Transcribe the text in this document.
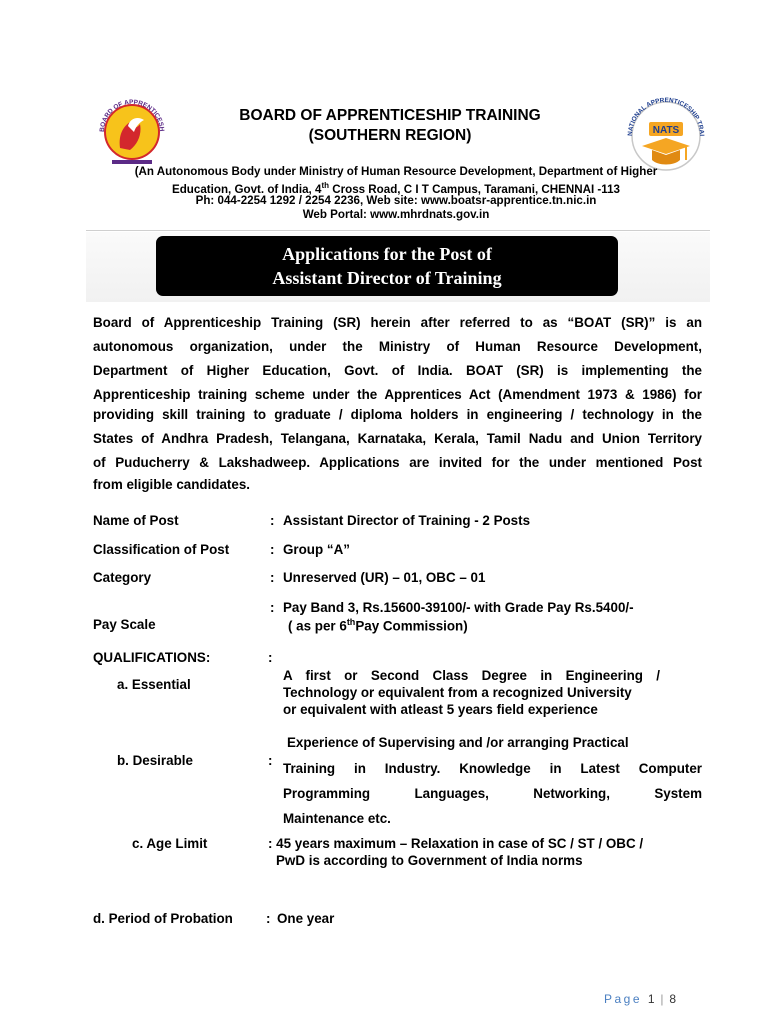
BOARD OF APPRENTICESH
NATIONAL APPRENTICESHIP TRAI
NATS
BOARD OF APPRENTICESHIP TRAINING
(SOUTHERN REGION)
(An Autonomous Body under Ministry of Human Resource Development, Department of Higher
Education, Govt. of India, 4th Cross Road, C I T Campus, Taramani, CHENNAI -113
Ph: 044-2254 1292 / 2254 2236, Web site: www.boatsr-apprentice.tn.nic.in
Web Portal: www.mhrdnats.gov.in
Applications for the Post of
Assistant Director of Training
Board of Apprenticeship Training (SR) herein after referred to as “BOAT (SR)” is an
autonomous organization, under the Ministry of Human Resource Development,
Department of Higher Education, Govt. of India. BOAT (SR) is implementing the
Apprenticeship training scheme under the Apprentices Act (Amendment 1973 & 1986) for
providing skill training to graduate / diploma holders in engineering / technology in the
States of Andhra Pradesh, Telangana, Karnataka, Kerala, Tamil Nadu and Union Territory
of Puducherry & Lakshadweep. Applications are invited for the under mentioned Post
from eligible candidates.
Name of Post	: Assistant Director of Training - 2 Posts
Classification of Post	: Group “A”
Category	: Unreserved (UR) – 01, OBC – 01
: Pay Band 3, Rs.15600-39100/- with Grade Pay Rs.5400/-
Pay Scale	( as per 6thPay Commission)
QUALIFICATIONS:	:
a. Essential
A first or Second Class Degree in Engineering /
Technology or equivalent from a recognized University
or equivalent with atleast 5 years field experience
Experience of Supervising and /or arranging Practical
b. Desirable	:
Training in Industry. Knowledge in Latest Computer
Programming Languages, Networking, System
Maintenance etc.
c. Age Limit	: 45 years maximum – Relaxation in case of SC / ST / OBC /
PwD is according to Government of India norms
d. Period of Probation : One year
Page 1 | 8
